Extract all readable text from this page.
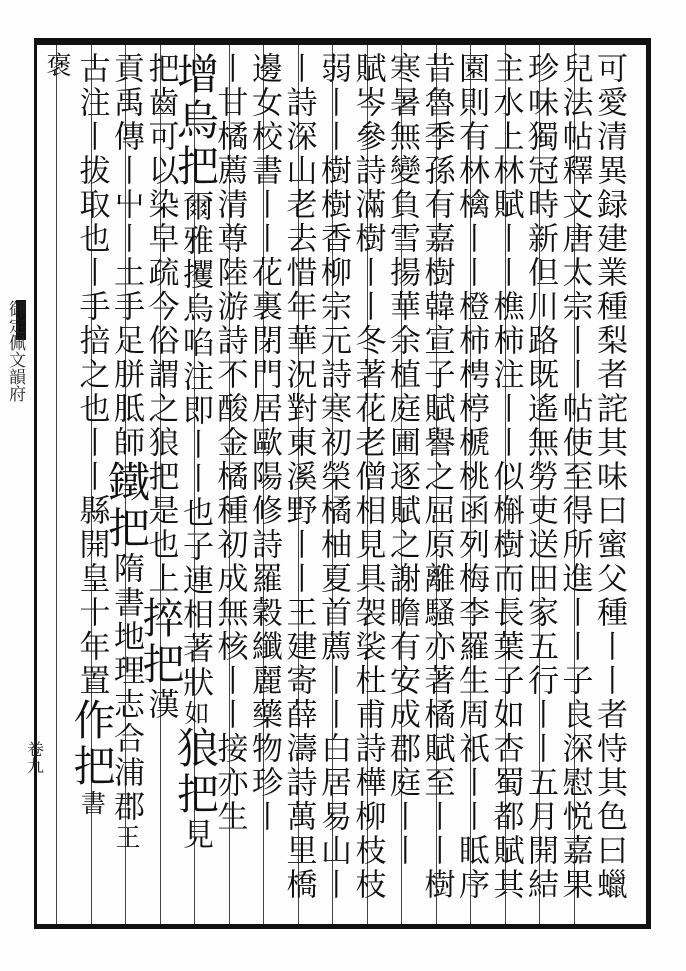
御定佩文韻府
卷九	可愛清異録建業種梨者詫其味曰蜜父種丨丨者恃其色曰蠟
兒法帖釋文唐太宗丨丨帖使至得所進丨丨子良深慰悦嘉果
珍味獨冠時新但川路既遙無勞吏送田家五行丨丨五月開結
主水上林賦丨丨樵柿注丨丨似槲樹而長葉子如杏蜀都賦其
園則有林檎丨丨橙柿梬楟榹桃函列梅李羅生周祇丨丨眡序
昔魯季孫有嘉樹韓宣子賦譽之屈原離騷亦著橘賦至丨丨樹
寒暑無變負雪揚華余植庭圃逐賦之謝瞻有安成郡庭丨丨
賦岑參詩滿樹丨丨冬著花老僧相見具袈裟杜甫詩樺柳枝枝
弱丨丨樹樹香柳宗元詩寒初榮橘柚夏首薦丨丨白居易山丨
丨詩深山老去惜年華況對東溪野丨丨王建寄薛濤詩萬里橋
邊女校書丨丨花裏閉門居歐陽修詩羅穀纖麗藥物珍丨
丨甘橘薦清尊陸游詩不酸金橘種初成無核丨丨接亦生
增烏把爾雅攫烏啗注即丨丨也子連相著狀如狼把見
把齒可以染皁疏今俗謂之狼把是也上捽把漢
貢禹傳丨屮丨土手足胼胝師鐵把隋書地理志合浦郡王
古注丨拔取也丨手掊之也丨丨縣開皇十年置作把書
褒
